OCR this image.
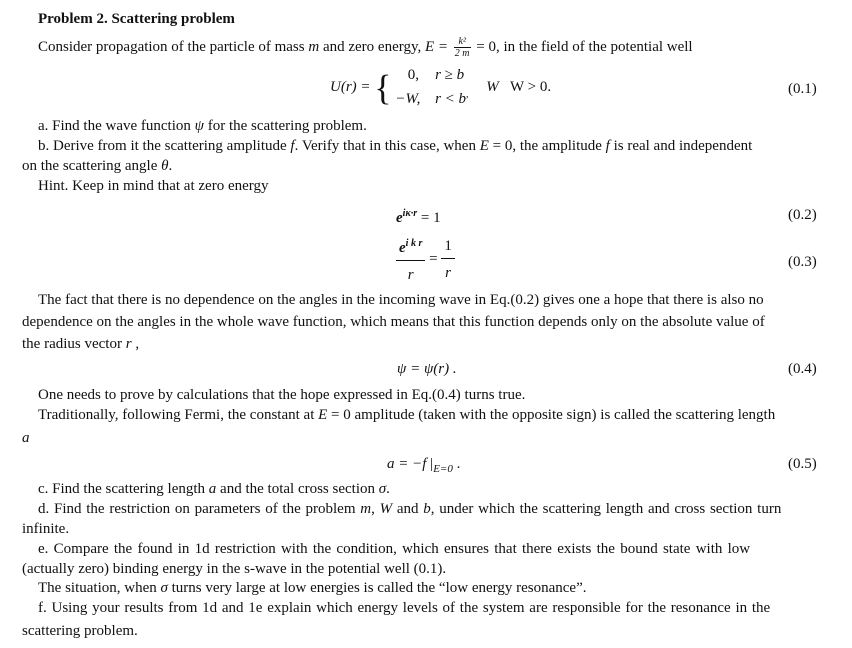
Problem 2. Scattering problem
Consider propagation of the particle of mass m and zero energy, $E = \frac{\text{k²}}{2 m} = 0$, in the field of the potential well
U(r) = {	0, r ≥ b
−W, r < b, W W > 0.	(0.1)
a. Find the wave function ψ for the scattering problem.
b. Derive from it the scattering amplitude f. Verify that in this case, when E = 0, the amplitude f is real and independent
on the scattering angle θ.
Hint. Keep in mind that at zero energy
$e^{i\kappa\cdot r} = 1$	(0.2)
$\frac{e^{i k r}}{r} = \frac{1}{r}$	(0.3)
The fact that there is no dependence on the angles in the incoming wave in Eq.(0.2) gives one a hope that there is also no
dependence on the angles in the whole wave function, which means that this function depends only on the absolute value of
the radius vector r ,
ψ = ψ(r) .	(0.4)
One needs to prove by calculations that the hope expressed in Eq.(0.4) turns true.
Traditionally, following Fermi, the constant at E = 0 amplitude (taken with the opposite sign) is called the scattering length
a
a = −f $|_{E=0}$ .	(0.5)
c. Find the scattering length a and the total cross section σ.
d. Find the restriction on parameters of the problem m, W and b, under which the scattering length and cross section turn
infinite.
e. Compare the found in 1d restriction with the condition, which ensures that there exists the bound state with low
(actually zero) binding energy in the s-wave in the potential well (0.1).
The situation, when σ turns very large at low energies is called the “low energy resonance”.
f. Using your results from 1d and 1e explain which energy levels of the system are responsible for the resonance in the
scattering problem.
